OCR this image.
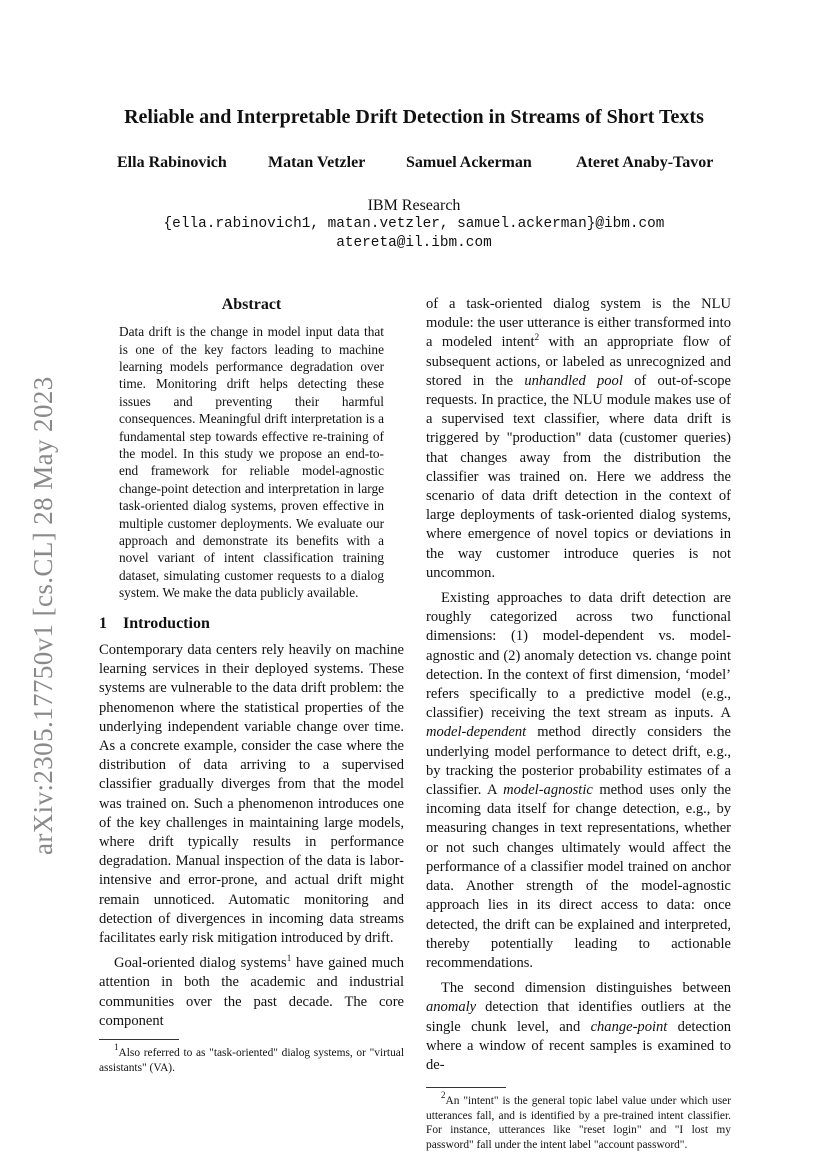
arXiv:2305.17750v1 [cs.CL] 28 May 2023
Reliable and Interpretable Drift Detection in Streams of Short Texts
Ella Rabinovich	Matan Vetzler	Samuel Ackerman	Ateret Anaby-Tavor
IBM Research
{ella.rabinovich1, matan.vetzler, samuel.ackerman}@ibm.com
atereta@il.ibm.com
Abstract
Data drift is the change in model input data that is one of the key factors leading to machine learning models performance degradation over time. Monitoring drift helps detecting these issues and preventing their harmful consequences. Meaningful drift interpretation is a fundamental step towards effective re-training of the model. In this study we propose an end-to-end framework for reliable model-agnostic change-point detection and interpretation in large task-oriented dialog systems, proven effective in multiple customer deployments. We evaluate our approach and demonstrate its benefits with a novel variant of intent classification training dataset, simulating customer requests to a dialog system. We make the data publicly available.
1 Introduction

Contemporary data centers rely heavily on machine learning services in their deployed systems. These systems are vulnerable to the data drift problem: the phenomenon where the statistical properties of the underlying independent variable change over time. As a concrete example, consider the case where the distribution of data arriving to a supervised classifier gradually diverges from that the model was trained on. Such a phenomenon introduces one of the key challenges in maintaining large models, where drift typically results in performance degradation. Manual inspection of the data is labor-intensive and error-prone, and actual drift might remain unnoticed. Automatic monitoring and detection of divergences in incoming data streams facilitates early risk mitigation introduced by drift.

Goal-oriented dialog systems$^1$ have gained much attention in both the academic and industrial communities over the past decade. The core component

$^1$Also referred to as "task-oriented" dialog systems, or "virtual assistants" (VA).

of a task-oriented dialog system is the NLU module: the user utterance is either transformed into a modeled intent$^2$ with an appropriate flow of subsequent actions, or labeled as unrecognized and stored in the unhandled pool of out-of-scope requests. In practice, the NLU module makes use of a supervised text classifier, where data drift is triggered by "production" data (customer queries) that changes away from the distribution the classifier was trained on. Here we address the scenario of data drift detection in the context of large deployments of task-oriented dialog systems, where emergence of novel topics or deviations in the way customer introduce queries is not uncommon.

Existing approaches to data drift detection are roughly categorized across two functional dimensions: (1) model-dependent vs. model-agnostic and (2) anomaly detection vs. change point detection. In the context of first dimension, ‘model’ refers specifically to a predictive model (e.g., classifier) receiving the text stream as inputs. A model-dependent method directly considers the underlying model performance to detect drift, e.g., by tracking the posterior probability estimates of a classifier. A model-agnostic method uses only the incoming data itself for change detection, e.g., by measuring changes in text representations, whether or not such changes ultimately would affect the performance of a classifier model trained on anchor data. Another strength of the model-agnostic approach lies in its direct access to data: once detected, the drift can be explained and interpreted, thereby potentially leading to actionable recommendations.

The second dimension distinguishes between anomaly detection that identifies outliers at the single chunk level, and change-point detection where a window of recent samples is examined to de-

$^2$An "intent" is the general topic label value under which user utterances fall, and is identified by a pre-trained intent classifier. For instance, utterances like "reset login" and "I lost my password" fall under the intent label "account password".
